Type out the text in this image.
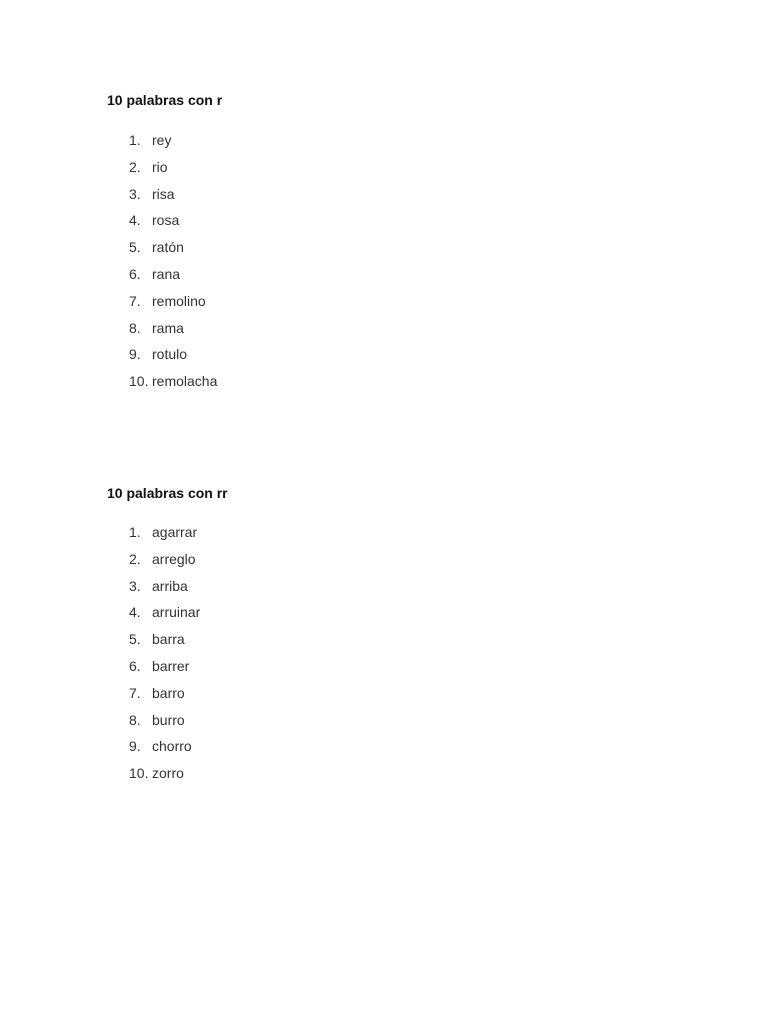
10 palabras con r
1. rey
2. rio
3. risa
4. rosa
5. ratón
6. rana
7. remolino
8. rama
9. rotulo
10. remolacha
10 palabras con rr
1. agarrar
2. arreglo
3. arriba
4. arruinar
5. barra
6. barrer
7. barro
8. burro
9. chorro
10. zorro
